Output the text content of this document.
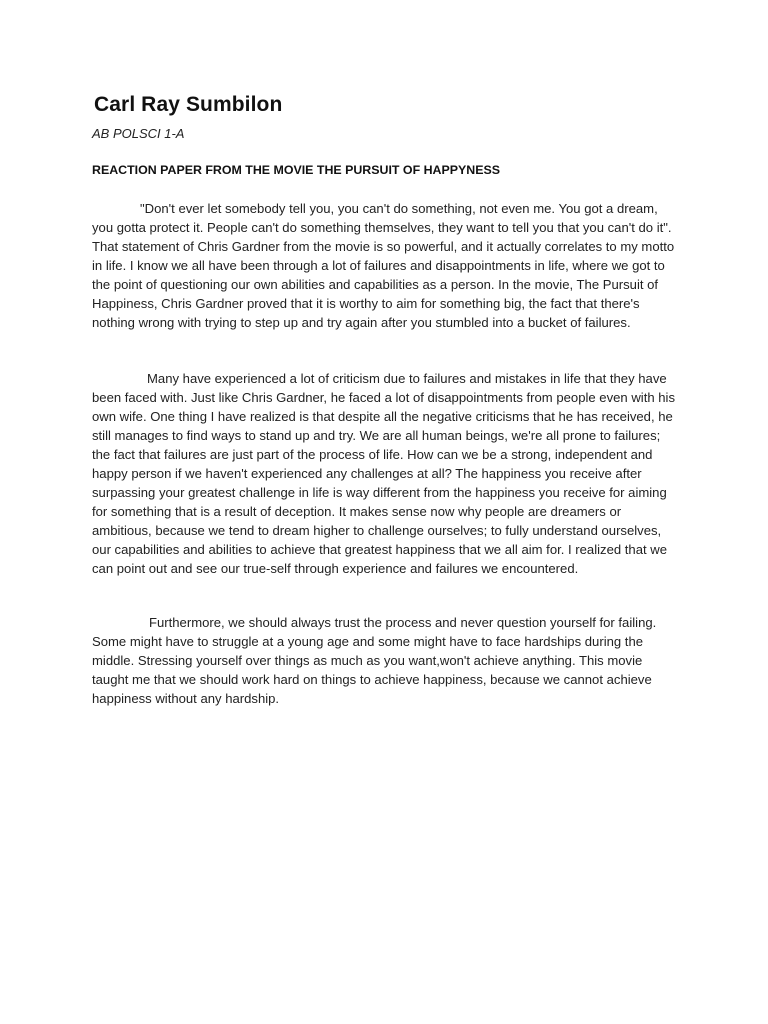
Carl Ray Sumbilon

AB POLSCI 1-A

REACTION PAPER FROM THE MOVIE THE PURSUIT OF HAPPYNESS

"Don't ever let somebody tell you, you can't do something, not even me. You got a dream, you gotta protect it. People can't do something themselves, they want to tell you that you can't do it". That statement of Chris Gardner from the movie is so powerful, and it actually correlates to my motto in life. I know we all have been through a lot of failures and disappointments in life, where we got to the point of questioning our own abilities and capabilities as a person. In the movie, The Pursuit of Happiness, Chris Gardner proved that it is worthy to aim for something big, the fact that there's nothing wrong with trying to step up and try again after you stumbled into a bucket of failures.

Many have experienced a lot of criticism due to failures and mistakes in life that they have been faced with. Just like Chris Gardner, he faced a lot of disappointments from people even with his own wife. One thing I have realized is that despite all the negative criticisms that he has received, he still manages to find ways to stand up and try. We are all human beings, we're all prone to failures; the fact that failures are just part of the process of life. How can we be a strong, independent and happy person if we haven't experienced any challenges at all? The happiness you receive after surpassing your greatest challenge in life is way different from the happiness you receive for aiming for something that is a result of deception. It makes sense now why people are dreamers or ambitious, because we tend to dream higher to challenge ourselves; to fully understand ourselves, our capabilities and abilities to achieve that greatest happiness that we all aim for. I realized that we can point out and see our true-self through experience and failures we encountered.

Furthermore, we should always trust the process and never question yourself for failing. Some might have to struggle at a young age and some might have to face hardships during the middle. Stressing yourself over things as much as you want,won't achieve anything. This movie taught me that we should work hard on things to achieve happiness, because we cannot achieve happiness without any hardship.
